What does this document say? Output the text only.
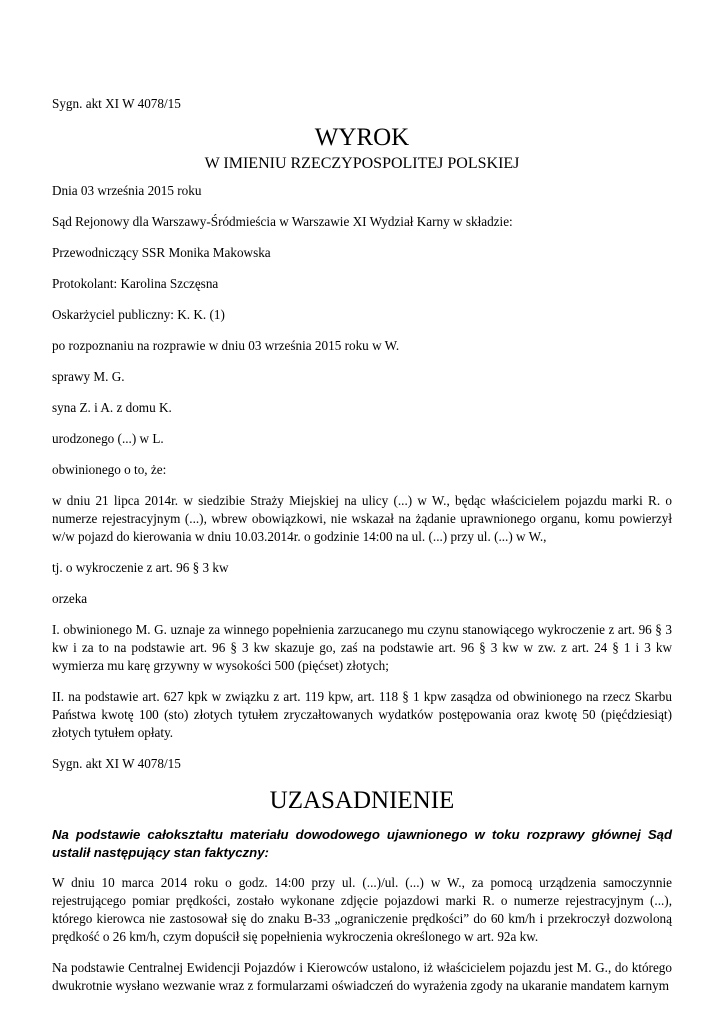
Sygn. akt XI W 4078/15

WYROK

W IMIENIU RZECZYPOSPOLITEJ POLSKIEJ

Dnia 03 września 2015 roku

Sąd Rejonowy dla Warszawy-Śródmieścia w Warszawie XI Wydział Karny w składzie:

Przewodniczący SSR Monika Makowska

Protokolant: Karolina Szczęsna

Oskarżyciel publiczny: K. K. (1)

po rozpoznaniu na rozprawie w dniu 03 września 2015 roku w W.

sprawy M. G.

syna Z. i A. z domu K.

urodzonego (...) w L.

obwinionego o to, że:

w dniu 21 lipca 2014r. w siedzibie Straży Miejskiej na ulicy (...) w W., będąc właścicielem pojazdu marki R. o numerze rejestracyjnym (...), wbrew obowiązkowi, nie wskazał na żądanie uprawnionego organu, komu powierzył w/w pojazd do kierowania w dniu 10.03.2014r. o godzinie 14:00 na ul. (...) przy ul. (...) w W.,

tj. o wykroczenie z art. 96 § 3 kw

orzeka

I. obwinionego M. G. uznaje za winnego popełnienia zarzucanego mu czynu stanowiącego wykroczenie z art. 96 § 3 kw i za to na podstawie art. 96 § 3 kw skazuje go, zaś na podstawie art. 96 § 3 kw w zw. z art. 24 § 1 i 3 kw wymierza mu karę grzywny w wysokości 500 (pięćset) złotych;

II. na podstawie art. 627 kpk w związku z art. 119 kpw, art. 118 § 1 kpw zasądza od obwinionego na rzecz Skarbu Państwa kwotę 100 (sto) złotych tytułem zryczałtowanych wydatków postępowania oraz kwotę 50 (pięćdziesiąt) złotych tytułem opłaty.

Sygn. akt XI W 4078/15

UZASADNIENIE

Na podstawie całokształtu materiału dowodowego ujawnionego w toku rozprawy głównej Sąd ustalił następujący stan faktyczny:

W dniu 10 marca 2014 roku o godz. 14:00 przy ul. (...)/ul. (...) w W., za pomocą urządzenia samoczynnie rejestrującego pomiar prędkości, zostało wykonane zdjęcie pojazdowi marki R. o numerze rejestracyjnym (...), którego kierowca nie zastosował się do znaku B-33 „ograniczenie prędkości” do 60 km/h i przekroczył dozwoloną prędkość o 26 km/h, czym dopuścił się popełnienia wykroczenia określonego w art. 92a kw.

Na podstawie Centralnej Ewidencji Pojazdów i Kierowców ustalono, iż właścicielem pojazdu jest M. G., do którego dwukrotnie wysłano wezwanie wraz z formularzami oświadczeń do wyrażenia zgody na ukaranie mandatem karnym
